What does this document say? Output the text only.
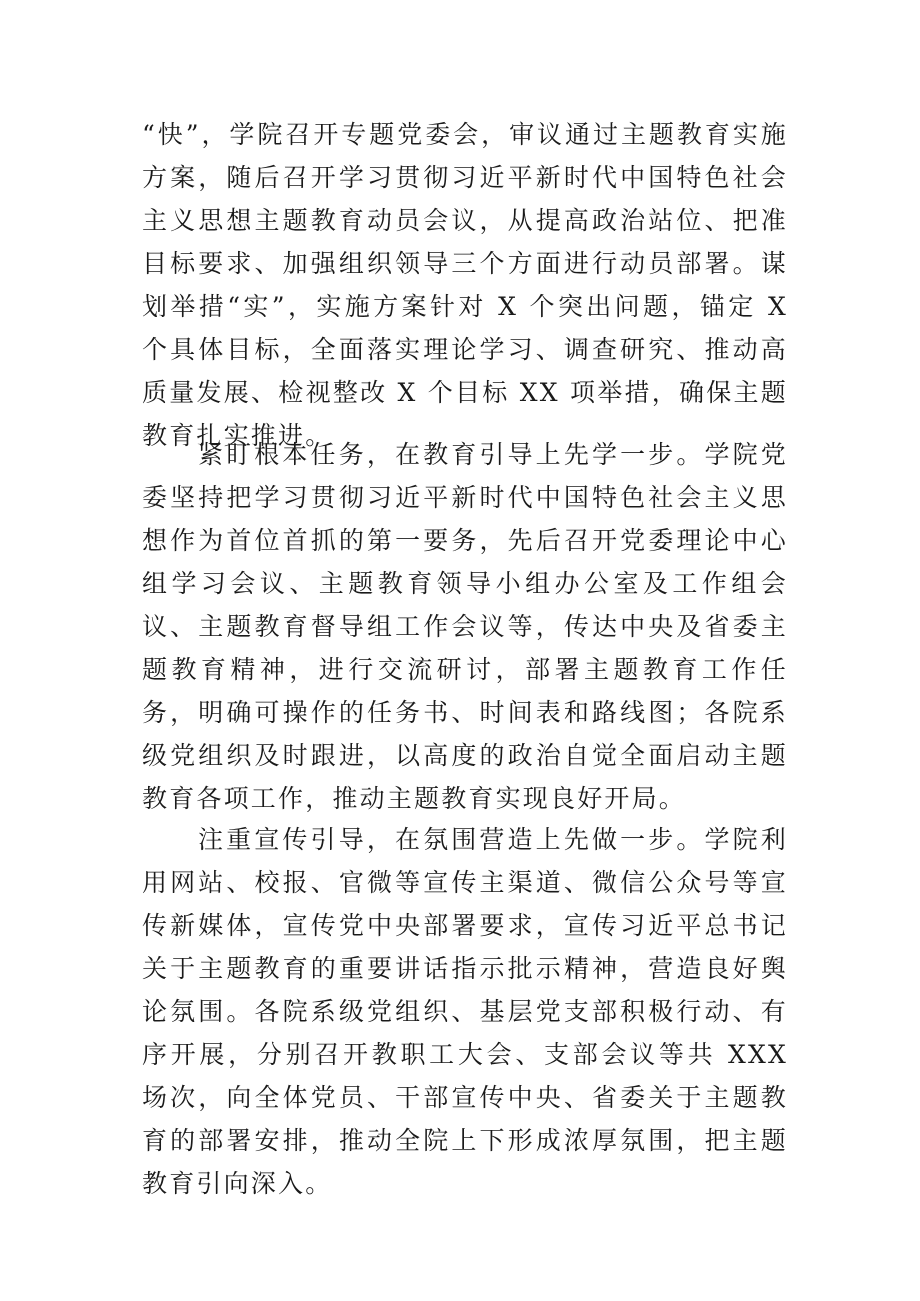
“快”，学院召开专题党委会，审议通过主题教育实施方案，随后召开学习贯彻习近平新时代中国特色社会主义思想主题教育动员会议，从提高政治站位、把准目标要求、加强组织领导三个方面进行动员部署。谋划举措“实”，实施方案针对 X 个突出问题，锚定 X 个具体目标，全面落实理论学习、调查研究、推动高质量发展、检视整改 X 个目标 XX 项举措，确保主题教育扎实推进。

紧盯根本任务，在教育引导上先学一步。学院党委坚持把学习贯彻习近平新时代中国特色社会主义思想作为首位首抓的第一要务，先后召开党委理论中心组学习会议、主题教育领导小组办公室及工作组会议、主题教育督导组工作会议等，传达中央及省委主题教育精神，进行交流研讨，部署主题教育工作任务，明确可操作的任务书、时间表和路线图；各院系级党组织及时跟进，以高度的政治自觉全面启动主题教育各项工作，推动主题教育实现良好开局。

注重宣传引导，在氛围营造上先做一步。学院利用网站、校报、官微等宣传主渠道、微信公众号等宣传新媒体，宣传党中央部署要求，宣传习近平总书记关于主题教育的重要讲话指示批示精神，营造良好舆论氛围。各院系级党组织、基层党支部积极行动、有序开展，分别召开教职工大会、支部会议等共 XXX 场次，向全体党员、干部宣传中央、省委关于主题教育的部署安排，推动全院上下形成浓厚氛围，把主题教育引向深入。
